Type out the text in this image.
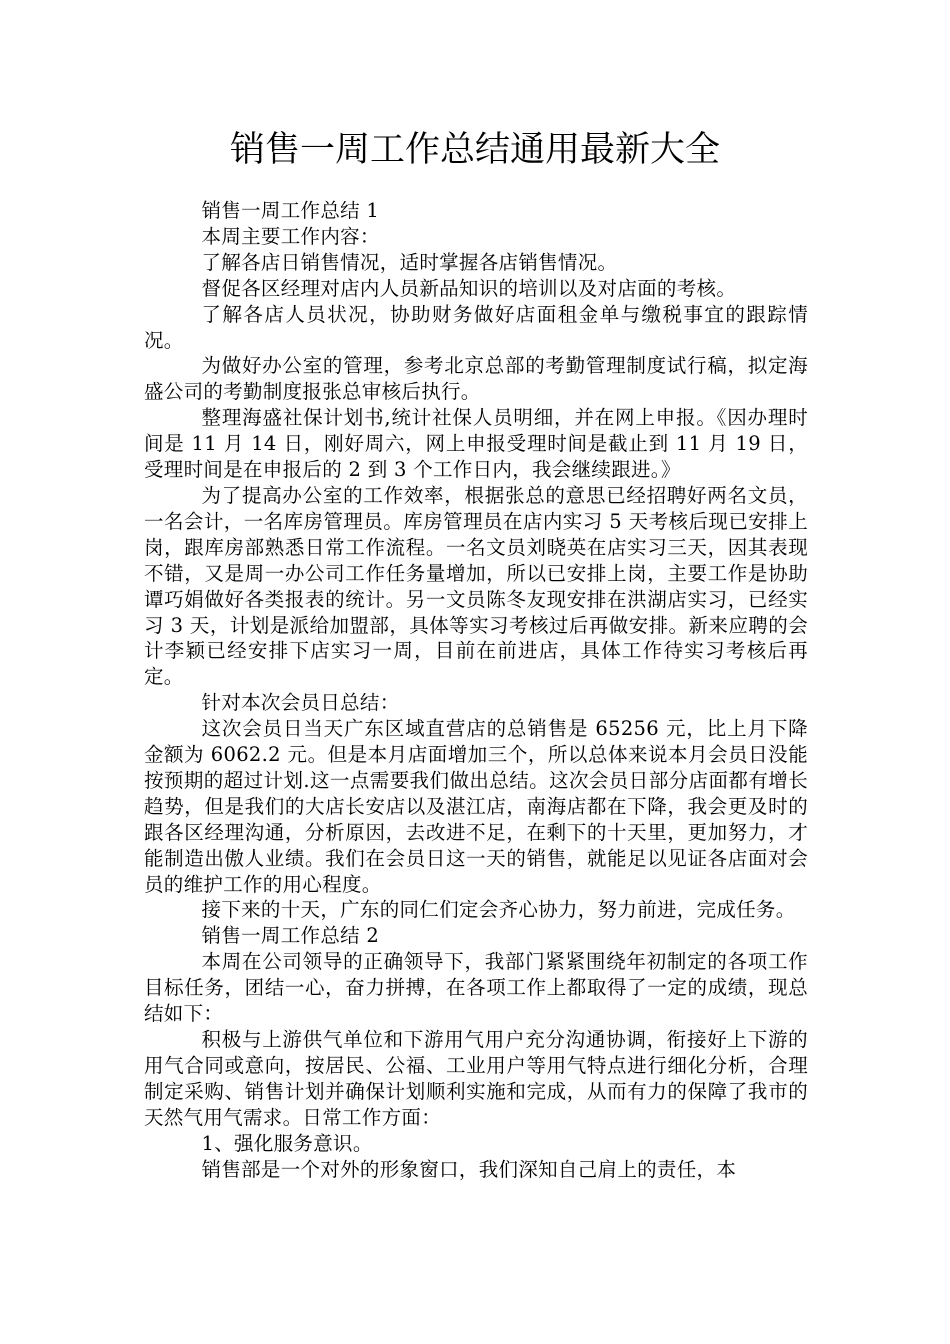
销售一周工作总结通用最新大全

销售一周工作总结 1

本周主要工作内容：

了解各店日销售情况，适时掌握各店销售情况。

督促各区经理对店内人员新品知识的培训以及对店面的考核。

了解各店人员状况，协助财务做好店面租金单与缴税事宜的跟踪情况。

为做好办公室的管理，参考北京总部的考勤管理制度试行稿，拟定海盛公司的考勤制度报张总审核后执行。

整理海盛社保计划书,统计社保人员明细，并在网上申报。《因办理时间是 11 月 14 日，刚好周六，网上申报受理时间是截止到 11 月 19 日，受理时间是在申报后的 2 到 3 个工作日内，我会继续跟进。》

为了提高办公室的工作效率，根据张总的意思已经招聘好两名文员，一名会计，一名库房管理员。库房管理员在店内实习 5 天考核后现已安排上岗，跟库房部熟悉日常工作流程。一名文员刘晓英在店实习三天，因其表现不错，又是周一办公司工作任务量增加，所以已安排上岗，主要工作是协助谭巧娟做好各类报表的统计。另一文员陈冬友现安排在洪湖店实习，已经实习 3 天，计划是派给加盟部，具体等实习考核过后再做安排。新来应聘的会计李颖已经安排下店实习一周，目前在前进店，具体工作待实习考核后再定。

针对本次会员日总结：

这次会员日当天广东区域直营店的总销售是 65256 元，比上月下降金额为 6062.2 元。但是本月店面增加三个，所以总体来说本月会员日没能按预期的超过计划.这一点需要我们做出总结。这次会员日部分店面都有增长趋势，但是我们的大店长安店以及湛江店，南海店都在下降，我会更及时的跟各区经理沟通，分析原因，去改进不足，在剩下的十天里，更加努力，才能制造出傲人业绩。我们在会员日这一天的销售，就能足以见证各店面对会员的维护工作的用心程度。

接下来的十天，广东的同仁们定会齐心协力，努力前进，完成任务。

销售一周工作总结 2

本周在公司领导的正确领导下，我部门紧紧围绕年初制定的各项工作目标任务，团结一心，奋力拼搏，在各项工作上都取得了一定的成绩，现总结如下：

积极与上游供气单位和下游用气用户充分沟通协调，衔接好上下游的用气合同或意向，按居民、公福、工业用户等用气特点进行细化分析，合理制定采购、销售计划并确保计划顺利实施和完成，从而有力的保障了我市的天然气用气需求。日常工作方面：

1、强化服务意识。

销售部是一个对外的形象窗口，我们深知自己肩上的责任，本
